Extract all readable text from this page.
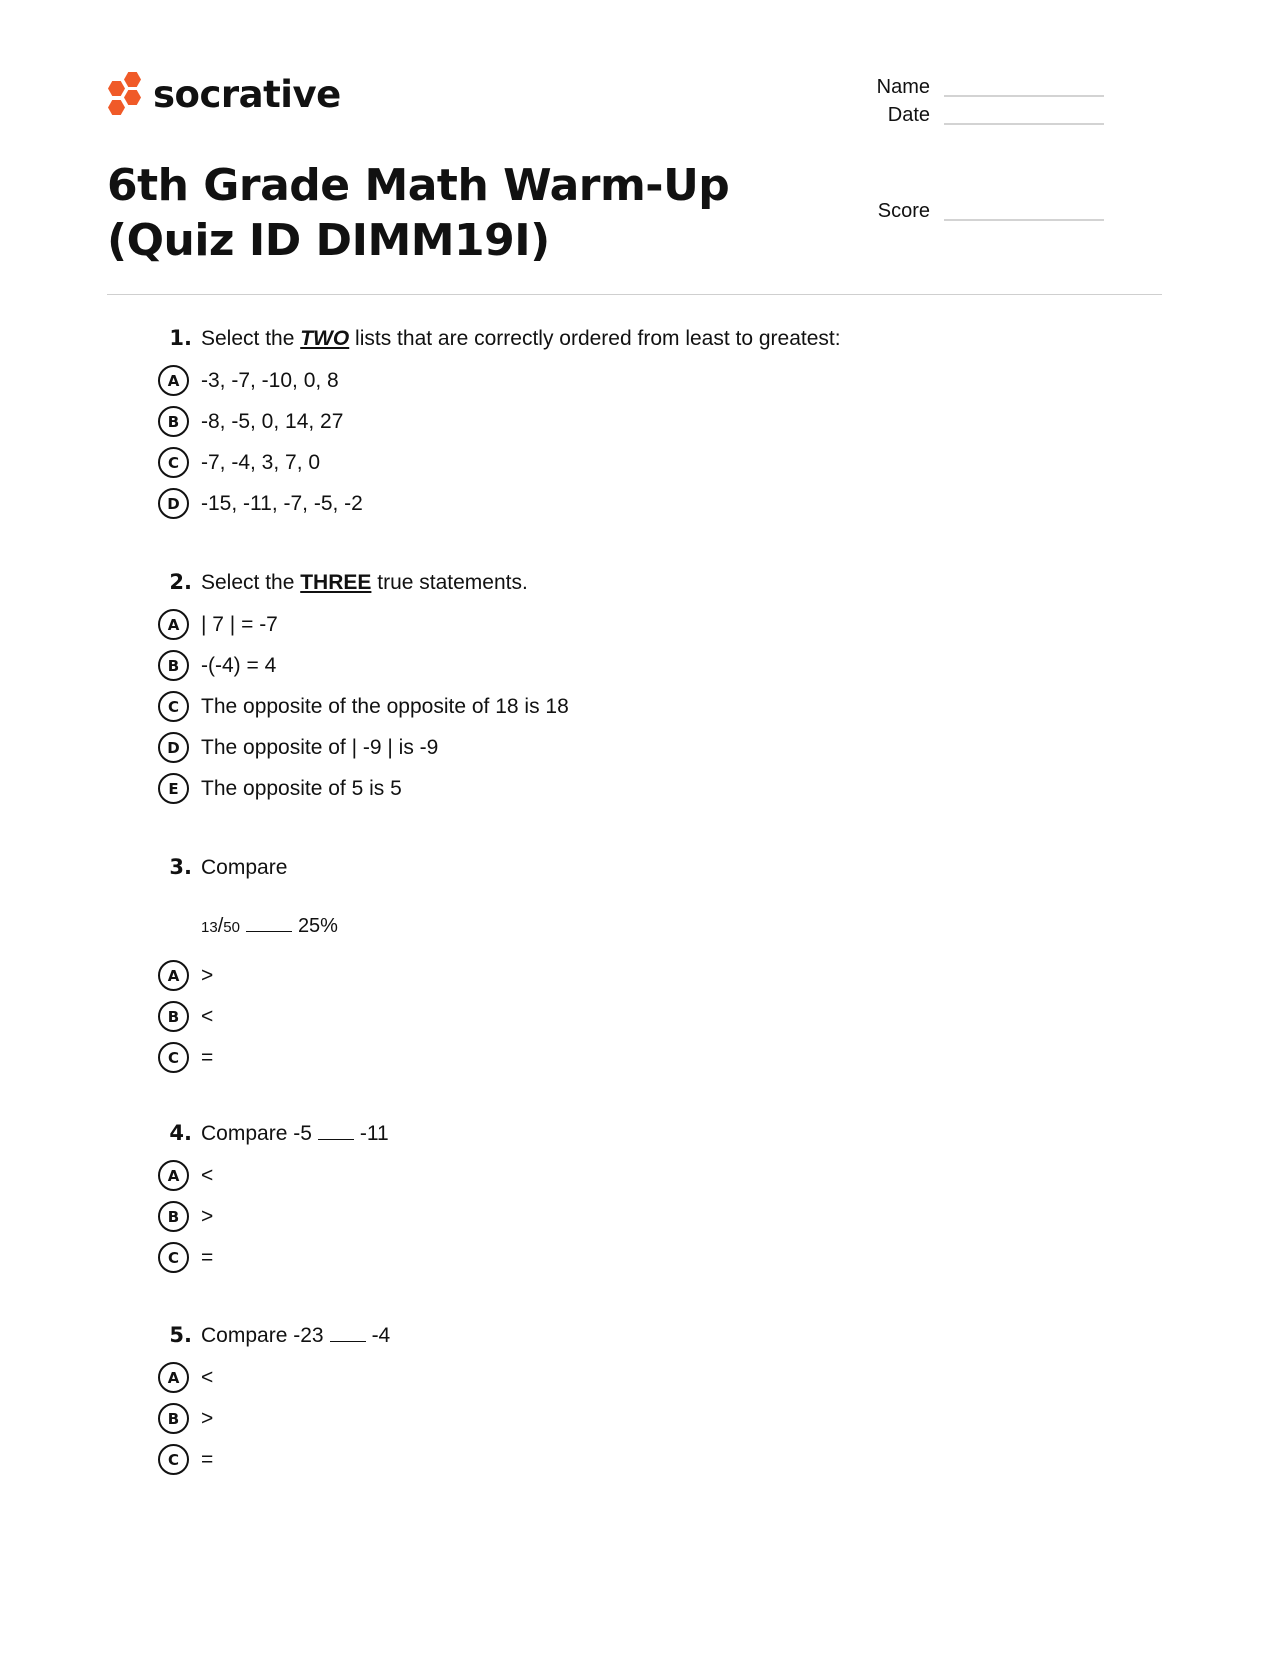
socrative	Name
Date
Score
6th Grade Math Warm-Up (Quiz ID DIMM19I)
1. Select the TWO lists that are correctly ordered from least to greatest:
A	-3, -7, -10, 0, 8
B	-8, -5, 0, 14, 27
C	-7, -4, 3, 7, 0
D	-15, -11, -7, -5, -2
2. Select the THREE true statements.
A	| 7 | = -7
B	-(-4) = 4
C	The opposite of the opposite of 18 is 18
D	The opposite of | -9 | is -9
E	The opposite of 5 is 5
3. Compare
13 / 50	25%
A	>
B	<
C	=
4. Compare -5 -11
A	<
B	>
C	=
5. Compare -23 -4
A	<
B	>
C	=
